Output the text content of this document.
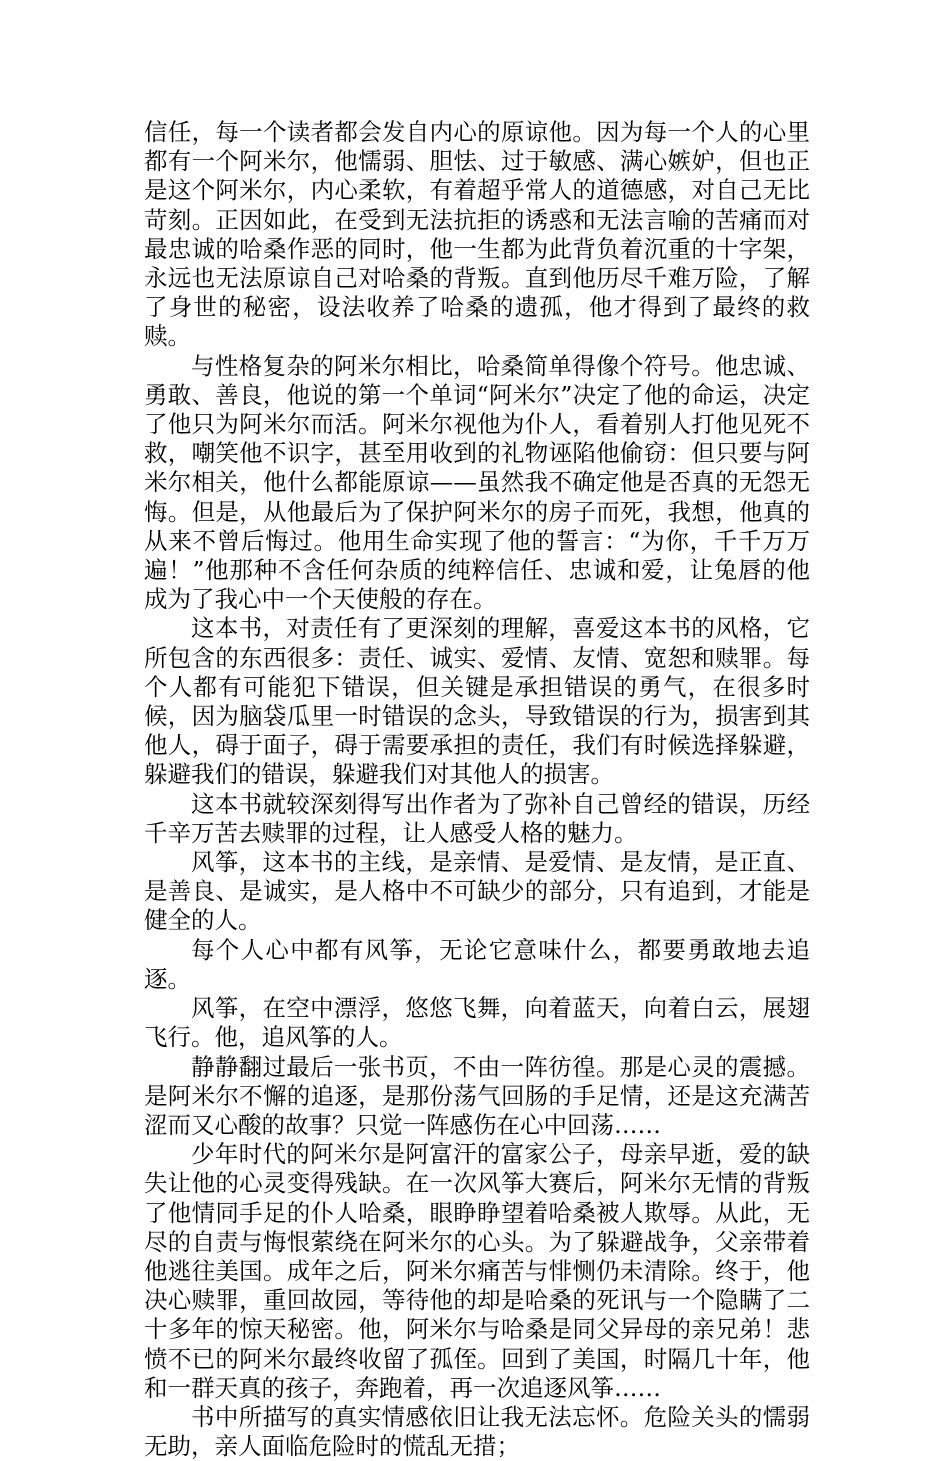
信任，每一个读者都会发自内心的原谅他。因为每一个人的心里都有一个阿米尔，他懦弱、胆怯、过于敏感、满心嫉妒，但也正是这个阿米尔，内心柔软，有着超乎常人的道德感，对自己无比苛刻。正因如此，在受到无法抗拒的诱惑和无法言喻的苦痛而对最忠诚的哈桑作恶的同时，他一生都为此背负着沉重的十字架，永远也无法原谅自己对哈桑的背叛。直到他历尽千难万险，了解了身世的秘密，设法收养了哈桑的遗孤，他才得到了最终的救赎。

与性格复杂的阿米尔相比，哈桑简单得像个符号。他忠诚、勇敢、善良，他说的第一个单词“阿米尔”决定了他的命运，决定了他只为阿米尔而活。阿米尔视他为仆人，看着别人打他见死不救，嘲笑他不识字，甚至用收到的礼物诬陷他偷窃：但只要与阿米尔相关，他什么都能原谅——虽然我不确定他是否真的无怨无悔。但是，从他最后为了保护阿米尔的房子而死，我想，他真的从来不曾后悔过。他用生命实现了他的誓言：“为你，千千万万遍！”他那种不含任何杂质的纯粹信任、忠诚和爱，让兔唇的他成为了我心中一个天使般的存在。

这本书，对责任有了更深刻的理解，喜爱这本书的风格，它所包含的东西很多：责任、诚实、爱情、友情、宽恕和赎罪。每个人都有可能犯下错误，但关键是承担错误的勇气，在很多时候，因为脑袋瓜里一时错误的念头，导致错误的行为，损害到其他人，碍于面子，碍于需要承担的责任，我们有时候选择躲避，躲避我们的错误，躲避我们对其他人的损害。

这本书就较深刻得写出作者为了弥补自己曾经的错误，历经千辛万苦去赎罪的过程，让人感受人格的魅力。

风筝，这本书的主线，是亲情、是爱情、是友情，是正直、是善良、是诚实，是人格中不可缺少的部分，只有追到，才能是健全的人。

每个人心中都有风筝，无论它意味什么，都要勇敢地去追逐。

风筝，在空中漂浮，悠悠飞舞，向着蓝天，向着白云，展翅飞行。他，追风筝的人。

静静翻过最后一张书页，不由一阵彷徨。那是心灵的震撼。是阿米尔不懈的追逐，是那份荡气回肠的手足情，还是这充满苦涩而又心酸的故事？只觉一阵感伤在心中回荡……

少年时代的阿米尔是阿富汗的富家公子，母亲早逝，爱的缺失让他的心灵变得残缺。在一次风筝大赛后，阿米尔无情的背叛了他情同手足的仆人哈桑，眼睁睁望着哈桑被人欺辱。从此，无尽的自责与悔恨萦绕在阿米尔的心头。为了躲避战争，父亲带着他逃往美国。成年之后，阿米尔痛苦与悱恻仍未清除。终于，他决心赎罪，重回故园，等待他的却是哈桑的死讯与一个隐瞒了二十多年的惊天秘密。他，阿米尔与哈桑是同父异母的亲兄弟！悲愤不已的阿米尔最终收留了孤侄。回到了美国，时隔几十年，他和一群天真的孩子，奔跑着，再一次追逐风筝……

书中所描写的真实情感依旧让我无法忘怀。危险关头的懦弱无助，亲人面临危险时的慌乱无措；
